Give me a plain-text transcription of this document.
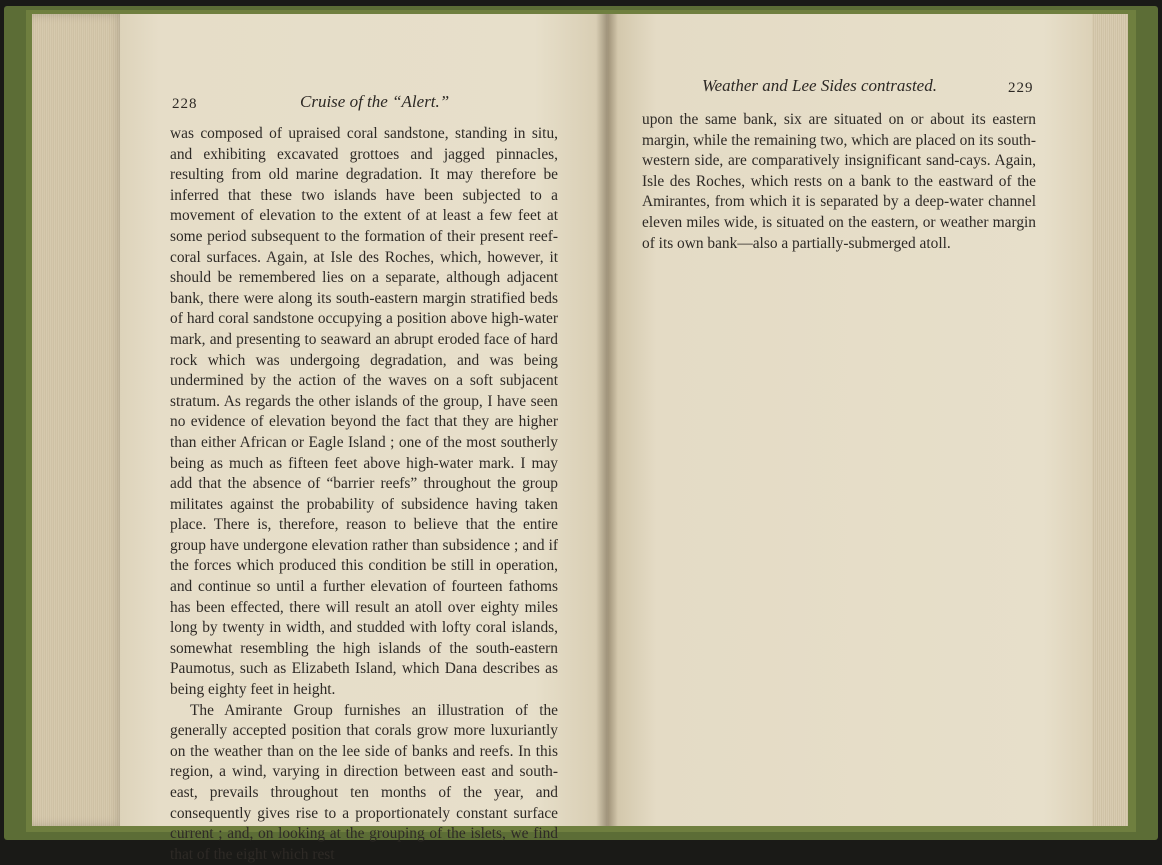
228	Cruise of the “Alert.”

was composed of upraised coral sandstone, standing in situ, and exhibiting excavated grottoes and jagged pinnacles, resulting from old marine degradation. It may therefore be inferred that these two islands have been subjected to a movement of elevation to the extent of at least a few feet at some period subsequent to the formation of their present reef-coral surfaces. Again, at Isle des Roches, which, however, it should be remembered lies on a separate, although adjacent bank, there were along its south-eastern margin stratified beds of hard coral sandstone occupying a position above high-water mark, and presenting to seaward an abrupt eroded face of hard rock which was undergoing degradation, and was being undermined by the action of the waves on a soft subjacent stratum. As regards the other islands of the group, I have seen no evidence of elevation beyond the fact that they are higher than either African or Eagle Island ; one of the most southerly being as much as fifteen feet above high-water mark. I may add that the absence of “barrier reefs” throughout the group militates against the probability of subsidence having taken place. There is, therefore, reason to believe that the entire group have undergone elevation rather than subsidence ; and if the forces which produced this condition be still in operation, and continue so until a further elevation of fourteen fathoms has been effected, there will result an atoll over eighty miles long by twenty in width, and studded with lofty coral islands, somewhat resembling the high islands of the south-eastern Paumotus, such as Elizabeth Island, which Dana describes as being eighty feet in height.

The Amirante Group furnishes an illustration of the generally accepted position that corals grow more luxuriantly on the weather than on the lee side of banks and reefs. In this region, a wind, varying in direction between east and south-east, prevails throughout ten months of the year, and consequently gives rise to a proportionately constant surface current ; and, on looking at the grouping of the islets, we find that of the eight which rest

Weather and Lee Sides contrasted.	229

upon the same bank, six are situated on or about its eastern margin, while the remaining two, which are placed on its south-western side, are comparatively insignificant sand-cays. Again, Isle des Roches, which rests on a bank to the eastward of the Amirantes, from which it is separated by a deep-water channel eleven miles wide, is situated on the eastern, or weather margin of its own bank—also a partially-submerged atoll.
